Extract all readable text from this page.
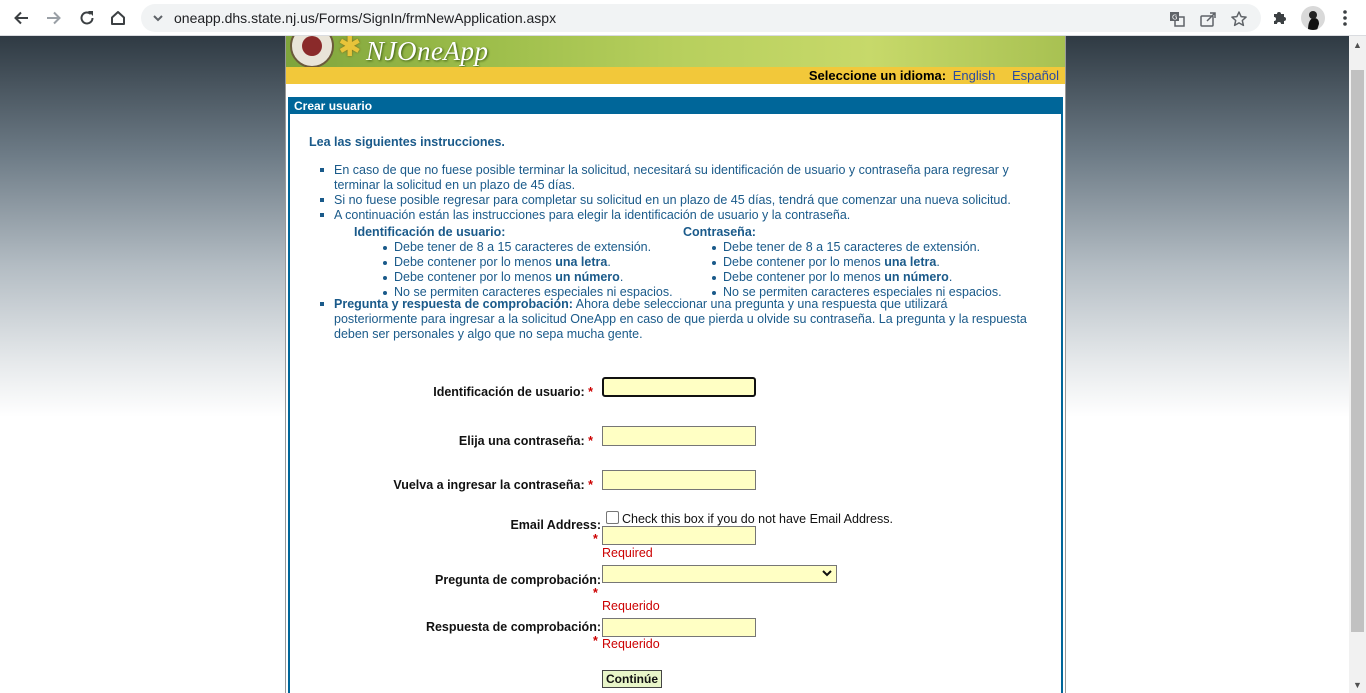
oneapp.dhs.state.nj.us/Forms/SignIn/frmNewApplication.aspx	G
▲
▼
✱ NJOneApp
Seleccione un idioma: English Español
Crear usuario
Lea las siguientes instrucciones.
En caso de que no fuese posible terminar la solicitud, necesitará su identificación de usuario y contraseña para regresar y terminar la solicitud en un plazo de 45 días.
Si no fuese posible regresar para completar su solicitud en un plazo de 45 días, tendrá que comenzar una nueva solicitud.
A continuación están las instrucciones para elegir la identificación de usuario y la contraseña.
Identificación de usuario:
Debe tener de 8 a 15 caracteres de extensión.
Debe contener por lo menos una letra.
Debe contener por lo menos un número.
No se permiten caracteres especiales ni espacios.
Contraseña:
Debe tener de 8 a 15 caracteres de extensión.
Debe contener por lo menos una letra.
Debe contener por lo menos un número.
No se permiten caracteres especiales ni espacios.
Pregunta y respuesta de comprobación: Ahora debe seleccionar una pregunta y una respuesta que utilizará posteriormente para ingresar a la solicitud OneApp en caso de que pierda u olvide su contraseña. La pregunta y la respuesta deben ser personales y algo que no sepa mucha gente.
Identificación de usuario: *
Elija una contraseña: *
Vuelva a ingresar la contraseña: *
Email Address: Check this box if you do not have Email Address.
*
Required
Pregunta de comprobación:
*
Requerido
Respuesta de comprobación:
* Requerido
Continúe
